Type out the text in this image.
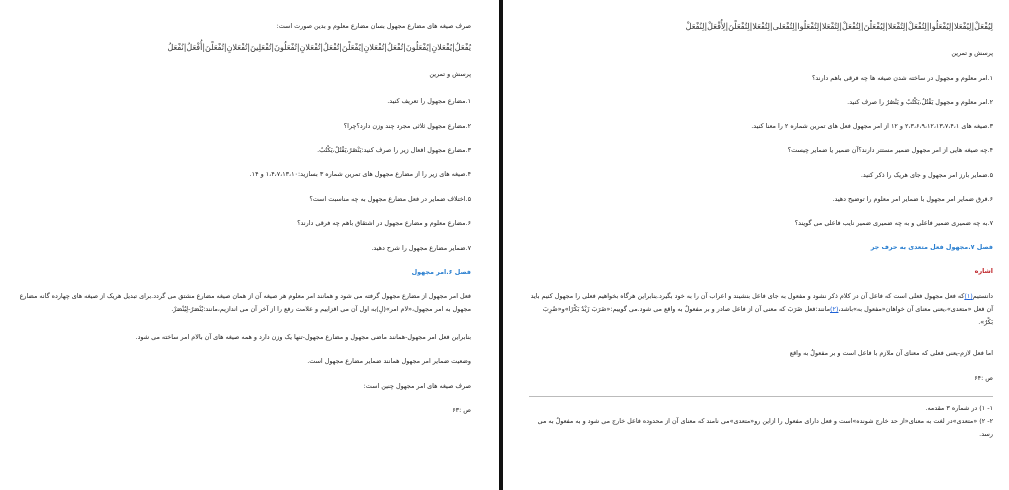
صرف صیغه های مضارع مجهول بسان مضارع معلوم و بدین صورت است:
یُفْعَلُ|یُفْعَلانِ|یُفْعَلُونَ|تُفْعَلُ|تُفْعَلانِ|یُفْعَلْنَ|تُفْعَلُ|تُفْعَلانِ|تُفْعَلُونَ|تُفْعَلِینَ|تُفْعَلانِ|تُفْعَلْنَ|أُفْعَلُ|نُفْعَلُ
پرسش و تمرین
۱.مضارع مجهول را تعریف کنید.
۲.مضارع مجهول ثلاثی مجرد چند وزن دارد؟چرا؟
۳.مضارع مجهول افعال زیر را صرف کنید:یَنْصُرُ،یَقْتُلُ،یَکْتُبُ.
۴.صیغه های زیر را از مضارع مجهول های تمرین شماره ۳ بسازید:۱،۴،۷،۱۳،۱۰ و ۱۴.
۵.اختلاف ضمایر در فعل مضارع مجهول به چه مناسبت است؟
۶.مضارع معلوم و مضارع مجهول در اشتقاق باهم چه فرقی دارند؟
۷.ضمایر مضارع مجهول را شرح دهید.
فصل ۶.امر مجهول
فعل امر مجهول از مضارع مجهول گرفته می شود و همانند امر معلوم هر صیغه آن از همان صیغه مضارع مشتق می گردد.برای تبدیل هریک از صیغه های چهارده گانه مضارع مجهول به امر مجهول،«لام امر»(لِ)به اول آن می افزاییم و علامت رفع را از آخر آن می اندازیم،مانند:یُنْصَرُ-لِیُنْصَرْ.
بنابراین فعل امر مجهول-همانند ماضی مجهول و مضارع مجهول-تنها یک وزن دارد و همه صیغه های آن بالام امر ساخته می شود.
وضعیت ضمایر امر مجهول همانند ضمایر مضارع مجهول است.
صرف صیغه های امر مجهول چنین است:
ص :۶۳
لِیُفْعَلْ|لِیُفْعَلا|لِیُفْعَلُوا|لِتُفْعَلْ|لِتُفْعَلا|لِیُفْعَلْنَ|لِتُفْعَلْ|لِتُفْعَلا|لِتُفْعَلُوا|لِتُفْعَلی|لِتُفْعَلا|لِتُفْعَلْنَ|لِأُفْعَلْ|لِنُفْعَلْ
پرسش و تمرین
۱.امر معلوم و مجهول در ساخته شدن صیغه ها چه فرقی باهم دارند؟
۲.امر معلوم و مجهول یَقْتُلُ،یَکْتُبُ و یَنْصُرُ را صرف کنید.
۳.صیغه های ۲،۳،۶،۹،۱۲،۱۳،۷،۴،۱ و ۱۲ از امر مجهول فعل های تمرین شماره ۲ را معنا کنید.
۴.چه صیغه هایی از امر مجهول ضمیر مستتر دارند؟آن ضمیر یا ضمایر چیست؟
۵.ضمایر بارز امر مجهول و جای هریک را ذکر کنید.
۶.فرق ضمایر امر مجهول با ضمایر امر معلوم را توضیح دهید.
۷.به چه ضمیری ضمیر فاعلی و به چه ضمیری ضمیر نایب فاعلی می گویند؟
فصل ۷.مجهول فعل متعدی به حرف جر
اشاره
دانستیم(۱)که فعل مجهول فعلی است که فاعل آن در کلام ذکر نشود و مفعول به جای فاعل بنشیند و اعراب آن را به خود بگیرد.بنابراین هرگاه بخواهیم فعلی را مجهول کنیم باید آن فعل «متعدی»،یعنی معنای آن خواهان«مفعول به»باشد،(۲)مانند:فعل ضَرَبَ که معنی آن از فاعل صادر و بر مفعولٌ به واقع می شود.می گوییم:«ضَرَبَ زَیْدٌ بَکْرًا»و«ضُرِبَ بَکْرٌ».
اما فعل لازم-یعنی فعلی که معنای آن ملازم با فاعل است و بر مفعولٌ به واقع
ص :۶۴
۱- ۱) در شماره ۳ مقدمه.
۲- ۲) «متعدی»در لغت به معنای«از حد خارج شونده»است و فعل دارای مفعول را ازاین رو«متعدی»می نامند که معنای آن از محدوده فاعل خارج می شود و به مفعولٌ به می رسد.
